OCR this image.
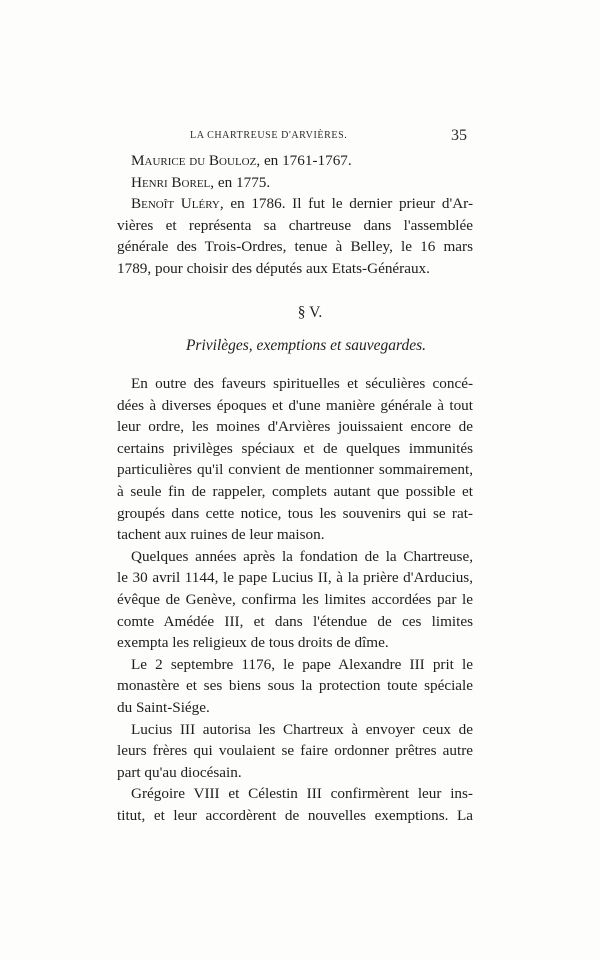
LA CHARTREUSE D'ARVIÈRES.	35
Maurice du Bouloz, en 1761-1767.
Henri Borel, en 1775.
Benoît Uléry, en 1786. Il fut le dernier prieur d'Ar-
vières et représenta sa chartreuse dans l'assemblée
générale des Trois-Ordres, tenue à Belley, le 16 mars
1789, pour choisir des députés aux Etats-Généraux.
§ V.
Privilèges, exemptions et sauvegardes.
En outre des faveurs spirituelles et séculières concé-
dées à diverses époques et d'une manière générale à tout
leur ordre, les moines d'Arvières jouissaient encore de
certains privilèges spéciaux et de quelques immunités
particulières qu'il convient de mentionner sommairement,
à seule fin de rappeler, complets autant que possible et
groupés dans cette notice, tous les souvenirs qui se rat-
tachent aux ruines de leur maison.
Quelques années après la fondation de la Chartreuse,
le 30 avril 1144, le pape Lucius II, à la prière d'Arducius,
évêque de Genève, confirma les limites accordées par le
comte Amédée III, et dans l'étendue de ces limites
exempta les religieux de tous droits de dîme.
Le 2 septembre 1176, le pape Alexandre III prit le
monastère et ses biens sous la protection toute spéciale
du Saint-Siége.
Lucius III autorisa les Chartreux à envoyer ceux de
leurs frères qui voulaient se faire ordonner prêtres autre
part qu'au diocésain.
Grégoire VIII et Célestin III confirmèrent leur ins-
titut, et leur accordèrent de nouvelles exemptions. La
